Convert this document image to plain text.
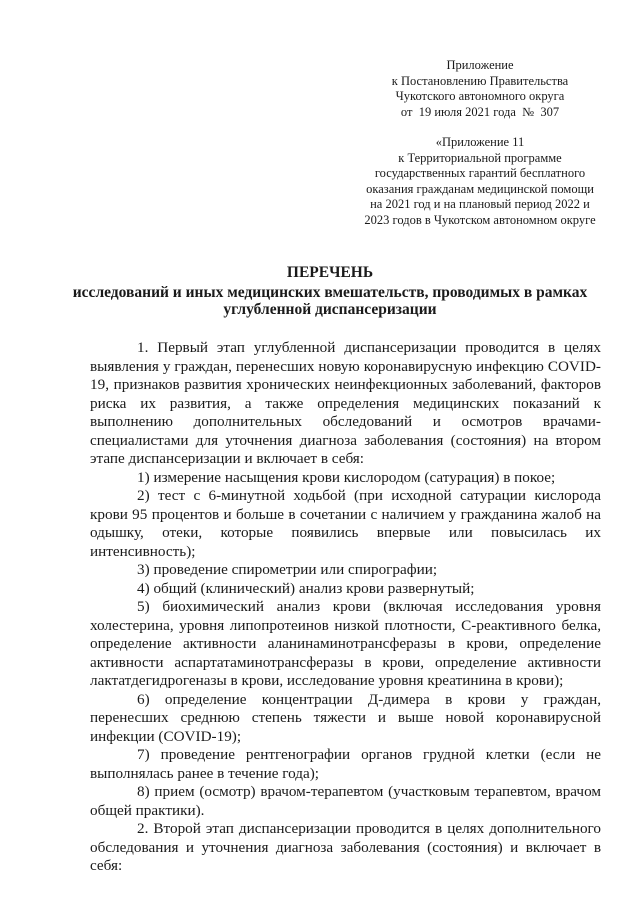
Приложение
к Постановлению Правительства
Чукотского автономного округа
от  19 июля 2021 года  №  307
«Приложение 11
к Территориальной программе
государственных гарантий бесплатного
оказания гражданам медицинской помощи
на 2021 год и на плановый период 2022 и
2023 годов в Чукотском автономном округе
ПЕРЕЧЕНЬ
исследований и иных медицинских вмешательств, проводимых в рамках
углубленной диспансеризации

1. Первый этап углубленной диспансеризации проводится в целях выявления у граждан, перенесших новую коронавирусную инфекцию COVID-19, признаков развития хронических неинфекционных заболеваний, факторов риска их развития, а также определения медицинских показаний к выполнению дополнительных обследований и осмотров врачами-специалистами для уточнения диагноза заболевания (состояния) на втором этапе диспансеризации и включает в себя:

1) измерение насыщения крови кислородом (сатурация) в покое;

2) тест с 6-минутной ходьбой (при исходной сатурации кислорода крови 95 процентов и больше в сочетании с наличием у гражданина жалоб на одышку, отеки, которые появились впервые или повысилась их интенсивность);

3) проведение спирометрии или спирографии;

4) общий (клинический) анализ крови развернутый;

5) биохимический анализ крови (включая исследования уровня холестерина, уровня липопротеинов низкой плотности, С-реактивного белка, определение активности аланинаминотрансферазы в крови, определение активности аспартатаминотрансферазы в крови, определение активности лактатдегидрогеназы в крови, исследование уровня креатинина в крови);

6) определение концентрации Д-димера в крови у граждан, перенесших среднюю степень тяжести и выше новой коронавирусной инфекции (COVID-19);

7) проведение рентгенографии органов грудной клетки (если не выполнялась ранее в течение года);

8) прием (осмотр) врачом-терапевтом (участковым терапевтом, врачом общей практики).

2. Второй этап диспансеризации проводится в целях дополнительного обследования и уточнения диагноза заболевания (состояния) и включает в себя:
